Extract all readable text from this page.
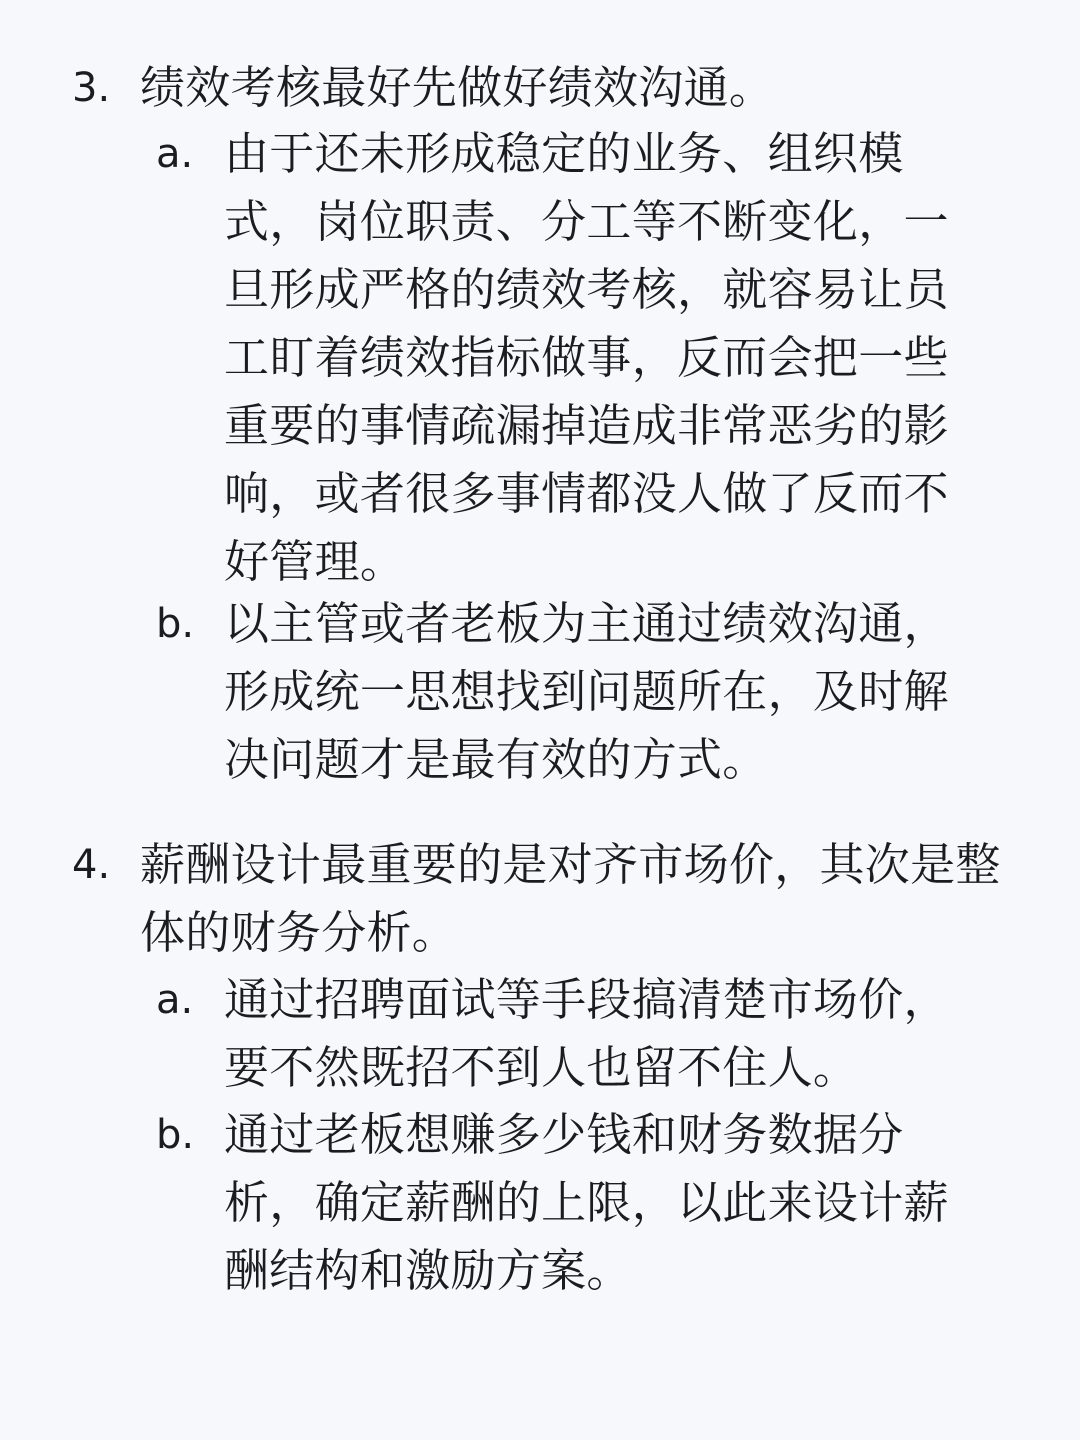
3. 绩效考核最好先做好绩效沟通。

a. 由于还未形成稳定的业务、组织模式，岗位职责、分工等不断变化，一旦形成严格的绩效考核，就容易让员工盯着绩效指标做事，反而会把一些重要的事情疏漏掉造成非常恶劣的影响，或者很多事情都没人做了反而不好管理。

b. 以主管或者老板为主通过绩效沟通，形成统一思想找到问题所在，及时解决问题才是最有效的方式。

4. 薪酬设计最重要的是对齐市场价，其次是整体的财务分析。

a. 通过招聘面试等手段搞清楚市场价，要不然既招不到人也留不住人。

b. 通过老板想赚多少钱和财务数据分析，确定薪酬的上限，以此来设计薪酬结构和激励方案。
